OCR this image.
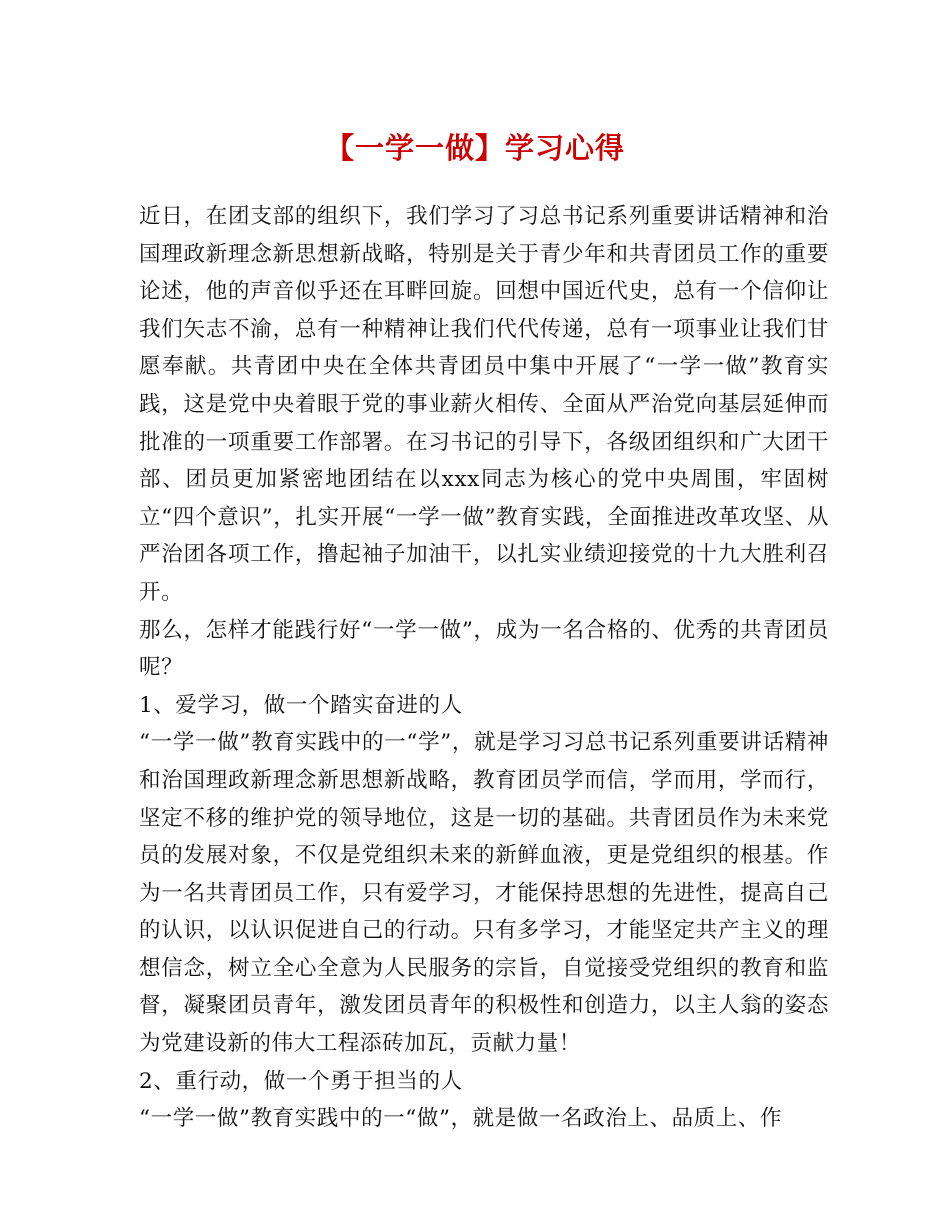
【一学一做】学习心得

近日，在团支部的组织下，我们学习了习总书记系列重要讲话精神和治国理政新理念新思想新战略，特别是关于青少年和共青团员工作的重要论述，他的声音似乎还在耳畔回旋。回想中国近代史，总有一个信仰让我们矢志不渝，总有一种精神让我们代代传递，总有一项事业让我们甘愿奉献。共青团中央在全体共青团员中集中开展了“一学一做”教育实践，这是党中央着眼于党的事业薪火相传、全面从严治党向基层延伸而批准的一项重要工作部署。在习书记的引导下，各级团组织和广大团干部、团员更加紧密地团结在以xxx同志为核心的党中央周围，牢固树立“四个意识”，扎实开展“一学一做”教育实践，全面推进改革攻坚、从严治团各项工作，撸起袖子加油干，以扎实业绩迎接党的十九大胜利召开。

那么，怎样才能践行好“一学一做”，成为一名合格的、优秀的共青团员呢？

1、爱学习，做一个踏实奋进的人

“一学一做”教育实践中的一“学”，就是学习习总书记系列重要讲话精神和治国理政新理念新思想新战略，教育团员学而信，学而用，学而行，坚定不移的维护党的领导地位，这是一切的基础。共青团员作为未来党员的发展对象，不仅是党组织未来的新鲜血液，更是党组织的根基。作为一名共青团员工作，只有爱学习，才能保持思想的先进性，提高自己的认识，以认识促进自己的行动。只有多学习，才能坚定共产主义的理想信念，树立全心全意为人民服务的宗旨，自觉接受党组织的教育和监督，凝聚团员青年，激发团员青年的积极性和创造力，以主人翁的姿态为党建设新的伟大工程添砖加瓦，贡献力量！

2、重行动，做一个勇于担当的人

“一学一做”教育实践中的一“做”，就是做一名政治上、品质上、作
